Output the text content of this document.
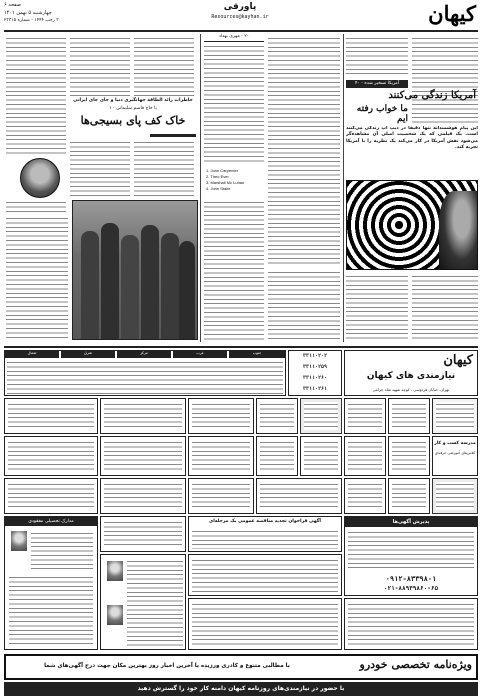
کیهان
پاورقی
Resources@kayhan.ir
صفحه ۶
چهارشنبه ۵ بهمن ۱۴۰۱
۳ رجب ۱۴۴۴ - شماره ۲۳۳۱۵
خاطرات زائد الطاقه جهانگیرى دنیا و جاى جاى ایرانى
با حاج قاسم سلیمانی - ۱
خاک کف پای بسیجی‌ها
۲۰ - مهرى بهداد
1. John Carpenter
2. Theo Ever
3. Marshall Mc Luhan
4. John Stake
آمریکا تسخیر شده - ۴۰
آمریکا زندگی می‌کنند
ما خواب رفته ایم
این پیام هوشمندانه تنها دقیقاً در دیپ آپ زندگی می‌کنند است. یک فیلمی که یک شخصیت اصلی آن مشاهده‌گر می‌شود نقش آمریکا در کار می‌کند یک نظریه را با آمریکا تجربه کند.
کیهان
نیازمندی های کیهان
تهران، خیابان فردوسی - کوچه شهید شاه چراغی
۳۳۱۱۰۲۰۲
۳۳۱۱۰۲۵۹
۳۳۱۱۰۲۶۰
۳۳۱۱۰۲۶۱
جنوب
غرب
مرکز
شرق
شمال
مدرسه کسب و کار
کلاس‌های آموزشی حرفه‌ای
آگهی فراخوان تجدید مناقصه عمومی یک مرحله‌ای	پذیرش آگهی‌ها
۰۹۱۲-۸۳۳۹۸۰۱
۰۲۱-۸۸۹۴۹۸۶۰-۶۵
مدارک تحصیلی مفقودی
ویژه‌نامه تخصصی خودرو
با مطالبی متنوع و کادری ورزیده با آخرین اخبار روز بهترین مکان جهت درج آگهی‌های شما
با حضور در نیازمندی‌های روزنامه کیهان دامنه کار خود را گسترش دهید
